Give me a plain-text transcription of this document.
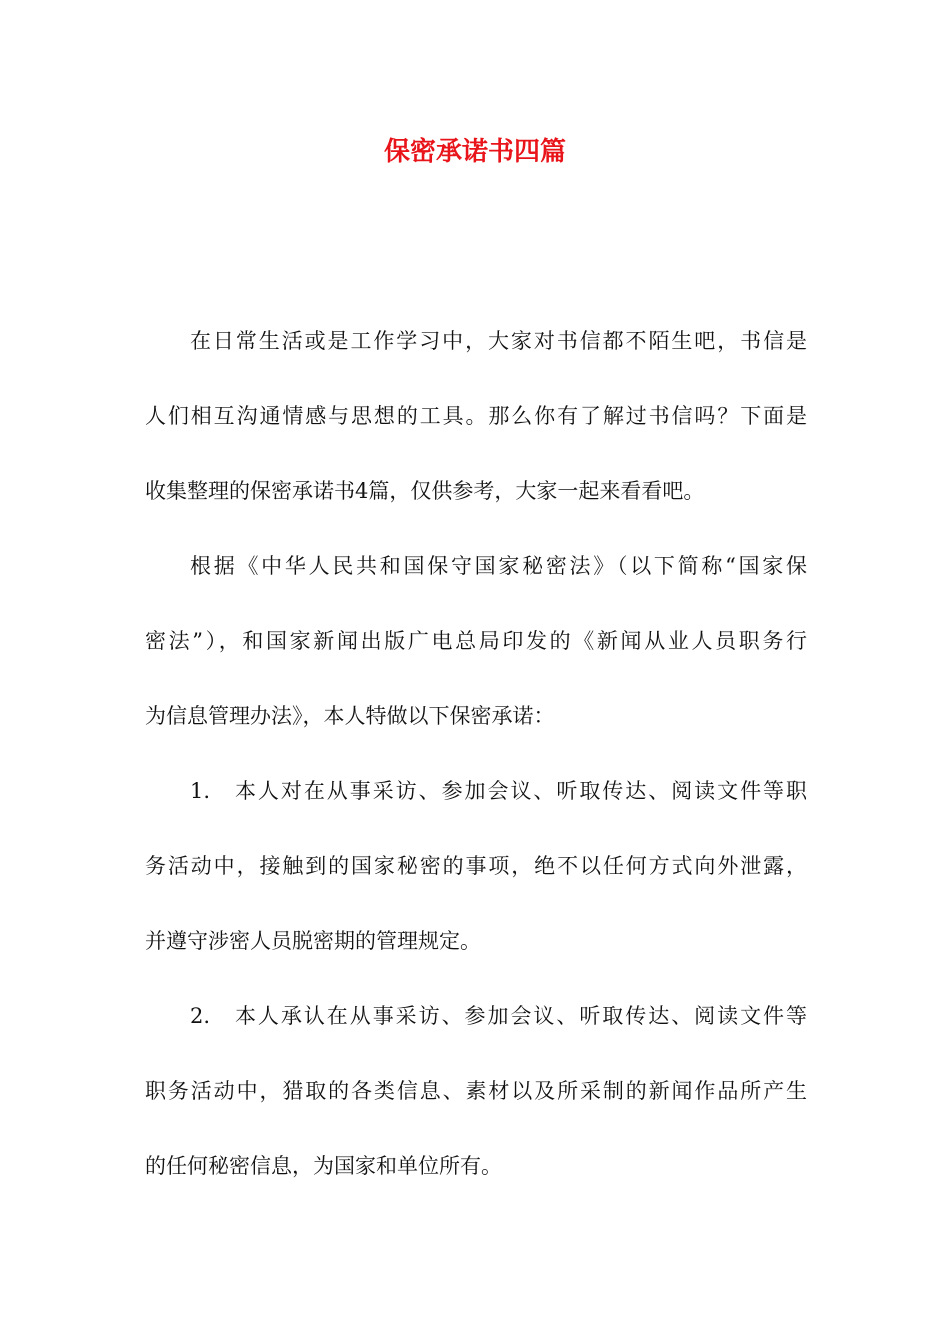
保密承诺书四篇
在日常生活或是工作学习中，大家对书信都不陌生吧，书信是
人们相互沟通情感与思想的工具。那么你有了解过书信吗？下面是
收集整理的保密承诺书4篇，仅供参考，大家一起来看看吧。
根据《中华人民共和国保守国家秘密法》（以下简称“国家保
密法”），和国家新闻出版广电总局印发的《新闻从业人员职务行
为信息管理办法》，本人特做以下保密承诺：
1.　本人对在从事采访、参加会议、听取传达、阅读文件等职
务活动中，接触到的国家秘密的事项，绝不以任何方式向外泄露，
并遵守涉密人员脱密期的管理规定。
2.　本人承认在从事采访、参加会议、听取传达、阅读文件等
职务活动中，猎取的各类信息、素材以及所采制的新闻作品所产生
的任何秘密信息，为国家和单位所有。
